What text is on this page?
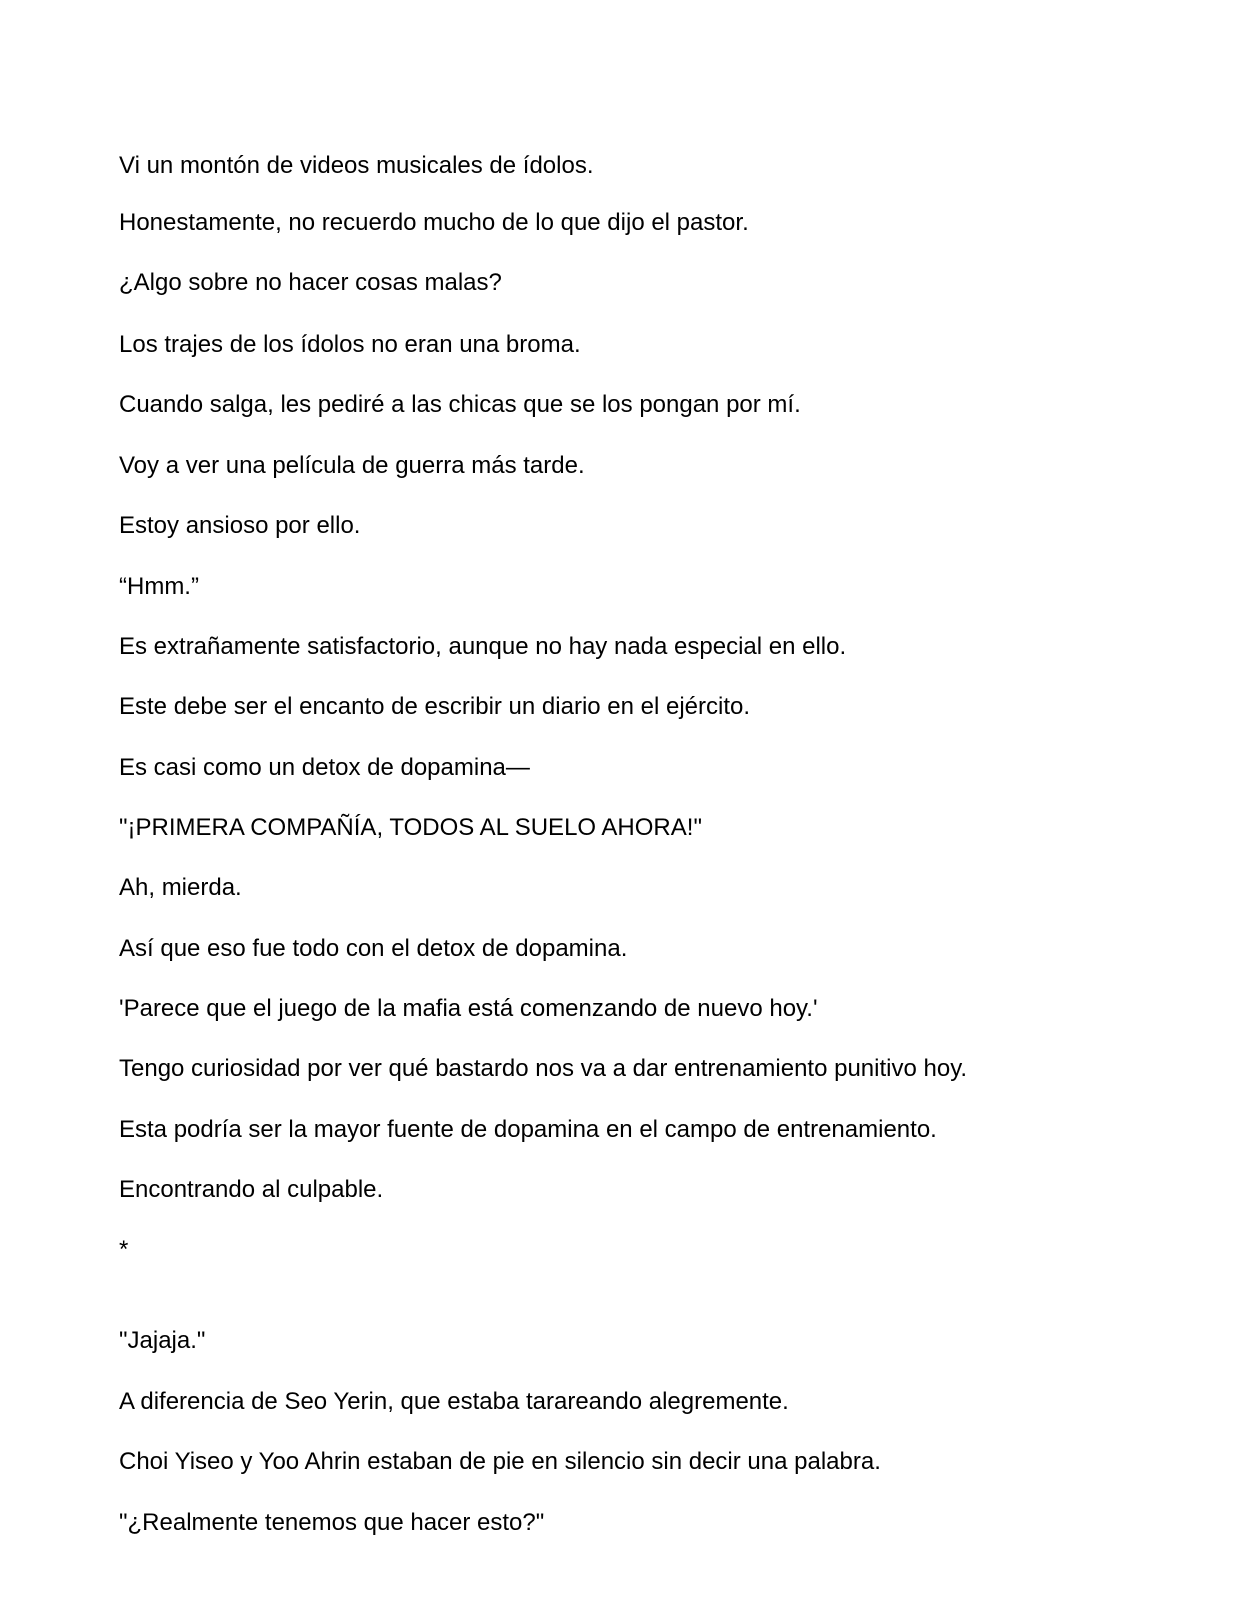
Vi un montón de videos musicales de ídolos.

Honestamente, no recuerdo mucho de lo que dijo el pastor.

¿Algo sobre no hacer cosas malas?

Los trajes de los ídolos no eran una broma.

Cuando salga, les pediré a las chicas que se los pongan por mí.

Voy a ver una película de guerra más tarde.

Estoy ansioso por ello.

“Hmm.”

Es extrañamente satisfactorio, aunque no hay nada especial en ello.

Este debe ser el encanto de escribir un diario en el ejército.

Es casi como un detox de dopamina—

"¡PRIMERA COMPAÑÍA, TODOS AL SUELO AHORA!"

Ah, mierda.

Así que eso fue todo con el detox de dopamina.

'Parece que el juego de la mafia está comenzando de nuevo hoy.'

Tengo curiosidad por ver qué bastardo nos va a dar entrenamiento punitivo hoy.

Esta podría ser la mayor fuente de dopamina en el campo de entrenamiento.

Encontrando al culpable.

*

"Jajaja."

A diferencia de Seo Yerin, que estaba tarareando alegremente.

Choi Yiseo y Yoo Ahrin estaban de pie en silencio sin decir una palabra.

"¿Realmente tenemos que hacer esto?"
